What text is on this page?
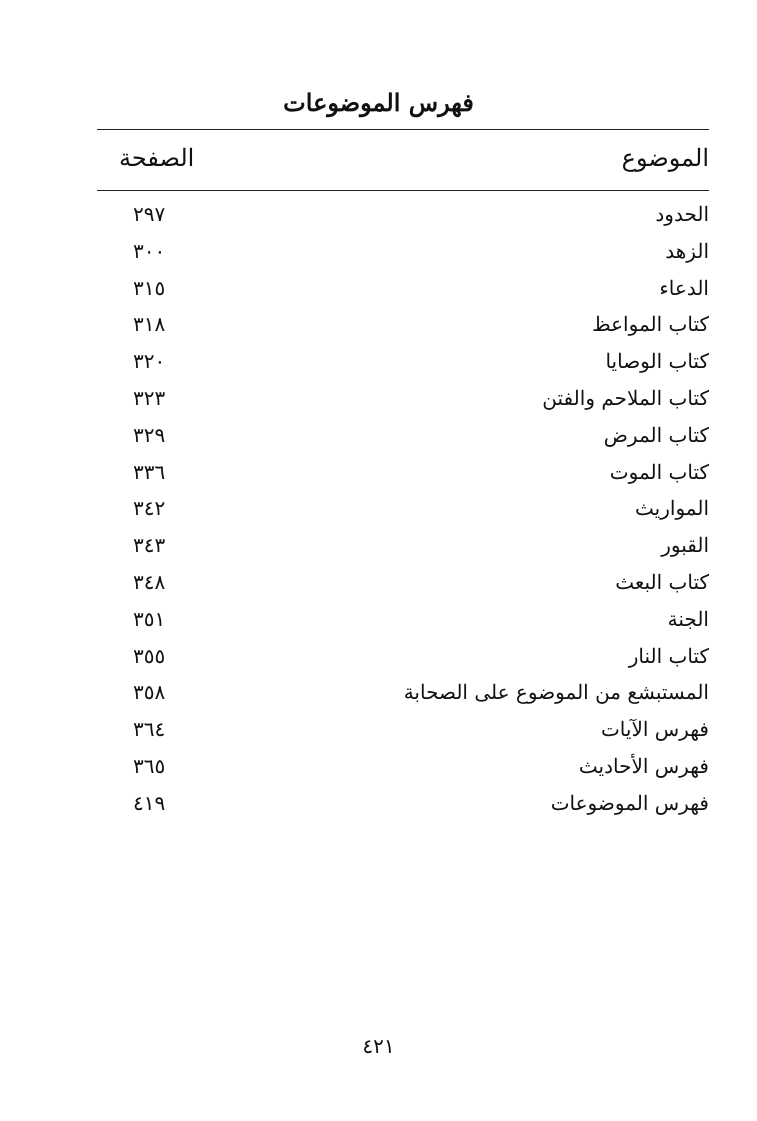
فهرس الموضوعات
الموضوع
الصفحة
الحدود
٢٩٧
الزهد
٣٠٠
الدعاء
٣١٥
كتاب المواعظ
٣١٨
كتاب الوصايا
٣٢٠
كتاب الملاحم والفتن
٣٢٣
كتاب المرض
٣٢٩
كتاب الموت
٣٣٦
المواريث
٣٤٢
القبور
٣٤٣
كتاب البعث
٣٤٨
الجنة
٣٥١
كتاب النار
٣٥٥
المستبشع من الموضوع على الصحابة
٣٥٨
فهرس الآيات
٣٦٤
فهرس الأحاديث
٣٦٥
فهرس الموضوعات
٤١٩
٤٢١
